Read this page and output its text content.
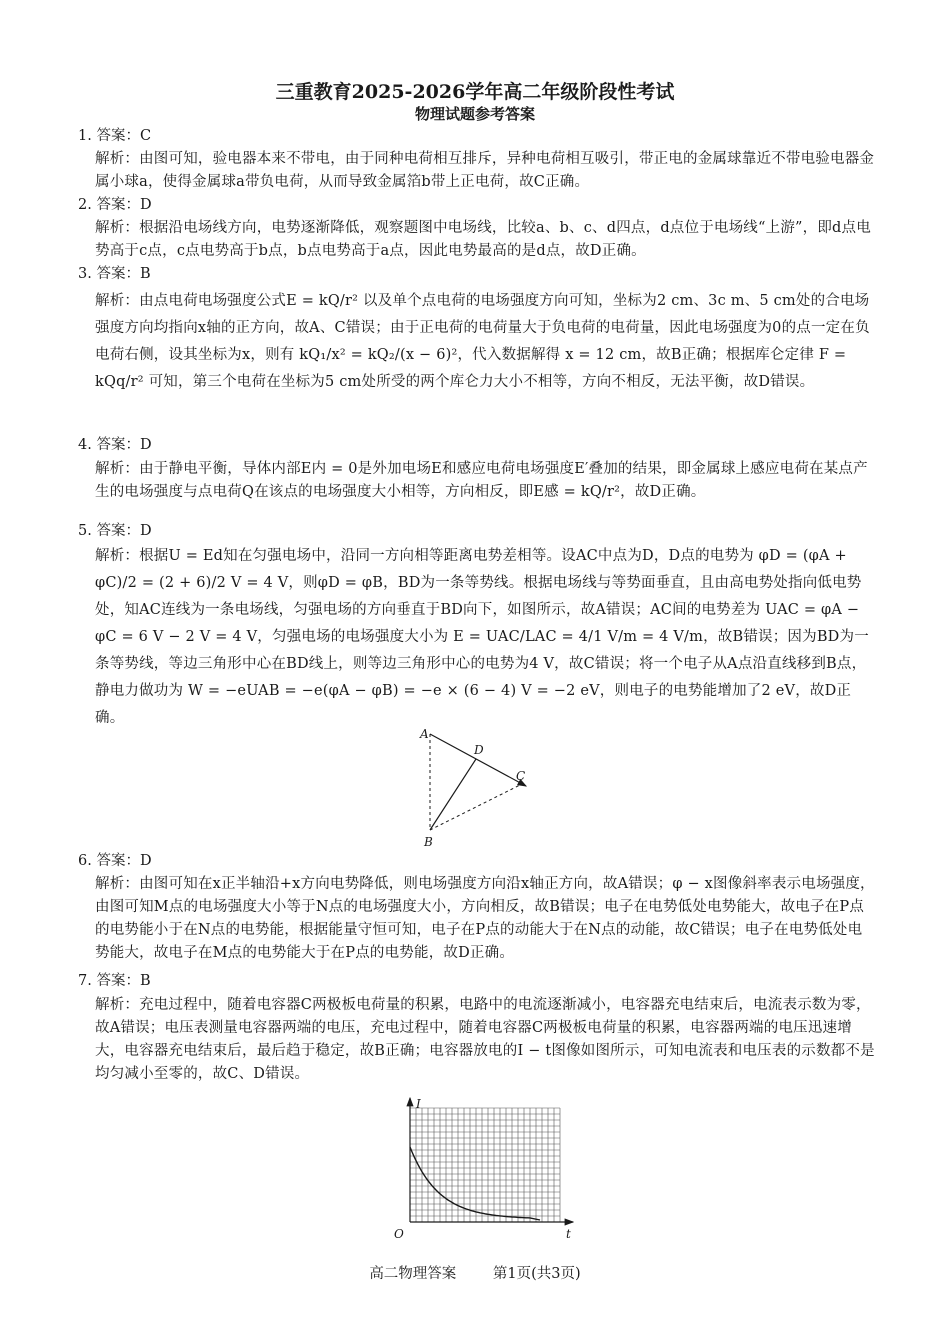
三重教育2025-2026学年高二年级阶段性考试
物理试题参考答案
1. 答案：C
解析：由图可知，验电器本来不带电，由于同种电荷相互排斥，异种电荷相互吸引，带正电的金属球靠近不带电验电器金属小球a，使得金属球a带负电荷，从而导致金属箔b带上正电荷，故C正确。
2. 答案：D
解析：根据沿电场线方向，电势逐渐降低，观察题图中电场线，比较a、b、c、d四点，d点位于电场线“上游”，即d点电势高于c点，c点电势高于b点，b点电势高于a点，因此电势最高的是d点，故D正确。
3. 答案：B
解析：由点电荷电场强度公式E = kQ/r² 以及单个点电荷的电场强度方向可知，坐标为2 cm、3c m、5 cm处的合电场强度方向均指向x轴的正方向，故A、C错误；由于正电荷的电荷量大于负电荷的电荷量，因此电场强度为0的点一定在负电荷右侧，设其坐标为x，则有 kQ₁/x² = kQ₂/(x − 6)²，代入数据解得 x = 12 cm，故B正确；根据库仑定律 F = kQq/r² 可知，第三个电荷在坐标为5 cm处所受的两个库仑力大小不相等，方向不相反，无法平衡，故D错误。
4. 答案：D
解析：由于静电平衡，导体内部E内 = 0是外加电场E和感应电荷电场强度E′叠加的结果，即金属球上感应电荷在某点产生的电场强度与点电荷Q在该点的电场强度大小相等，方向相反，即E感 = kQ/r²，故D正确。
5. 答案：D
解析：根据U = Ed知在匀强电场中，沿同一方向相等距离电势差相等。设AC中点为D，D点的电势为 φD = (φA + φC)/2 = (2 + 6)/2 V = 4 V，则φD = φB，BD为一条等势线。根据电场线与等势面垂直，且由高电势处指向低电势处，知AC连线为一条电场线，匀强电场的方向垂直于BD向下，如图所示，故A错误；AC间的电势差为 UAC = φA − φC = 6 V − 2 V = 4 V，匀强电场的电场强度大小为 E = UAC/LAC = 4/1 V/m = 4 V/m，故B错误；因为BD为一条等势线，等边三角形中心在BD线上，则等边三角形中心的电势为4 V，故C错误；将一个电子从A点沿直线移到B点，静电力做功为 W = −eUAB = −e(φA − φB) = −e × (6 − 4) V = −2 eV，则电子的电势能增加了2 eV，故D正确。
A
D
C
B
6. 答案：D
解析：由图可知在x正半轴沿+x方向电势降低，则电场强度方向沿x轴正方向，故A错误；φ − x图像斜率表示电场强度，由图可知M点的电场强度大小等于N点的电场强度大小，方向相反，故B错误；电子在电势低处电势能大，故电子在P点的电势能小于在N点的电势能，根据能量守恒可知，电子在P点的动能大于在N点的动能，故C错误；电子在电势低处电势能大，故电子在M点的电势能大于在P点的电势能，故D正确。
7. 答案：B
解析：充电过程中，随着电容器C两极板电荷量的积累，电路中的电流逐渐减小，电容器充电结束后，电流表示数为零，故A错误；电压表测量电容器两端的电压，充电过程中，随着电容器C两极板电荷量的积累，电容器两端的电压迅速增大，电容器充电结束后，最后趋于稳定，故B正确；电容器放电的I − t图像如图所示，可知电流表和电压表的示数都不是均匀减小至零的，故C、D错误。
I
t
O
高二物理答案	第1页(共3页)
